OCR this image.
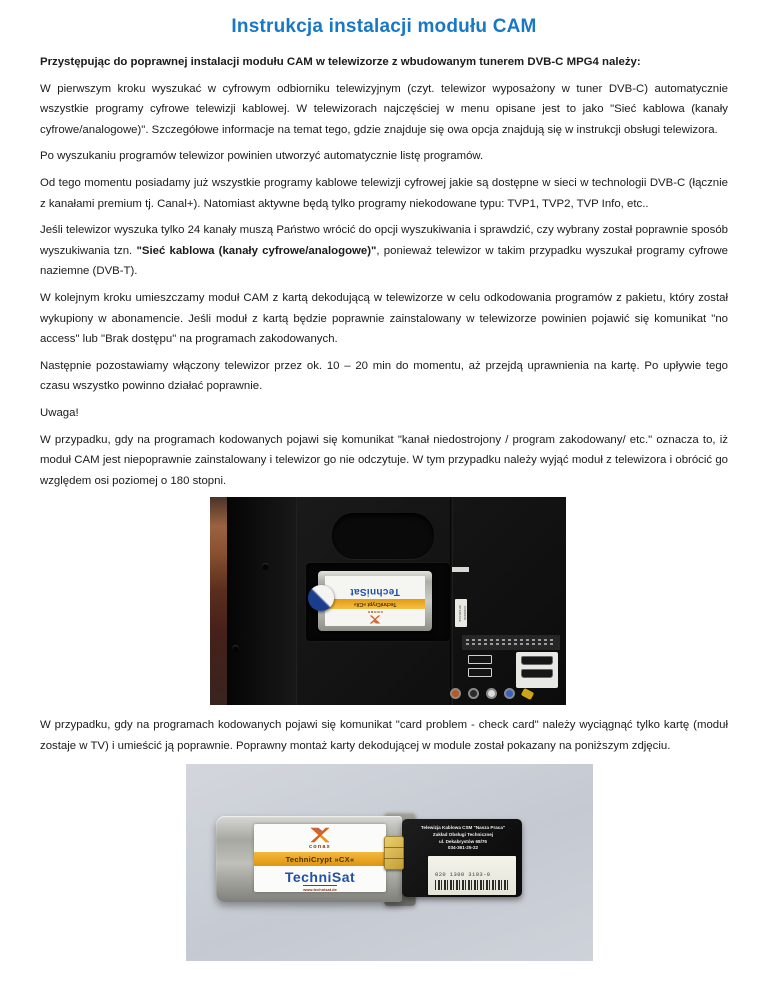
Instrukcja instalacji modułu CAM

Przystępując do poprawnej instalacji modułu CAM w telewizorze z wbudowanym tunerem DVB-C MPG4 należy:

W pierwszym kroku wyszukać w cyfrowym odbiorniku telewizyjnym (czyt. telewizor wyposażony w tuner DVB-C) automatycznie wszystkie programy cyfrowe telewizji kablowej. W telewizorach najczęściej w menu opisane jest to jako "Sieć kablowa (kanały cyfrowe/analogowe)". Szczegółowe informacje na temat tego, gdzie znajduje się owa opcja znajdują się w instrukcji obsługi telewizora.

Po wyszukaniu programów telewizor powinien utworzyć automatycznie listę programów.

Od tego momentu posiadamy już wszystkie programy kablowe telewizji cyfrowej jakie są dostępne w sieci w technologii DVB-C (łącznie z kanałami premium tj. Canal+). Natomiast aktywne będą tylko programy niekodowane typu: TVP1, TVP2, TVP Info, etc..

Jeśli telewizor wyszuka tylko 24 kanały muszą Państwo wrócić do opcji wyszukiwania i sprawdzić, czy wybrany został poprawnie sposób wyszukiwania tzn. "Sieć kablowa (kanały cyfrowe/analogowe)", ponieważ telewizor w takim przypadku wyszukał programy cyfrowe naziemne (DVB-T).

W kolejnym kroku umieszczamy moduł CAM z kartą dekodującą w telewizorze w celu odkodowania programów z pakietu, który został wykupiony w abonamencie. Jeśli moduł z kartą będzie poprawnie zainstalowany w telewizorze powinien pojawić się komunikat "no access" lub "Brak dostępu" na programach zakodowanych.

Następnie pozostawiamy włączony telewizor przez ok. 10 – 20 min do momentu, aż przejdą uprawnienia na kartę. Po upływie tego czasu wszystko powinno działać poprawnie.

Uwaga!

W przypadku, gdy na programach kodowanych pojawi się komunikat "kanał niedostrojony / program zakodowany/ etc." oznacza to, iż moduł CAM jest niepoprawnie zainstalowany i telewizor go nie odczytuje. W tym przypadku należy wyjąć moduł z telewizora i obrócić go względem osi poziomej o 180 stopni.

conax
TechniCrypt »CX«
TechniSat
COMMON INTERFACE

W przypadku, gdy na programach kodowanych pojawi się komunikat "card problem - check card" należy wyciągnąć tylko kartę (moduł zostaje w TV) i umieścić ją poprawnie. Poprawny montaż karty dekodującej w module został pokazany na poniższym zdjęciu.

conax
TechniCrypt »CX«
TechniSat
www.technisat.de
Telewizja Kablowa CSM "Nasza Praca"
Zakład Obsługi Technicznej
ul. Dekabrystów 68/76
034-361-25-22
020 1300 3103-0
